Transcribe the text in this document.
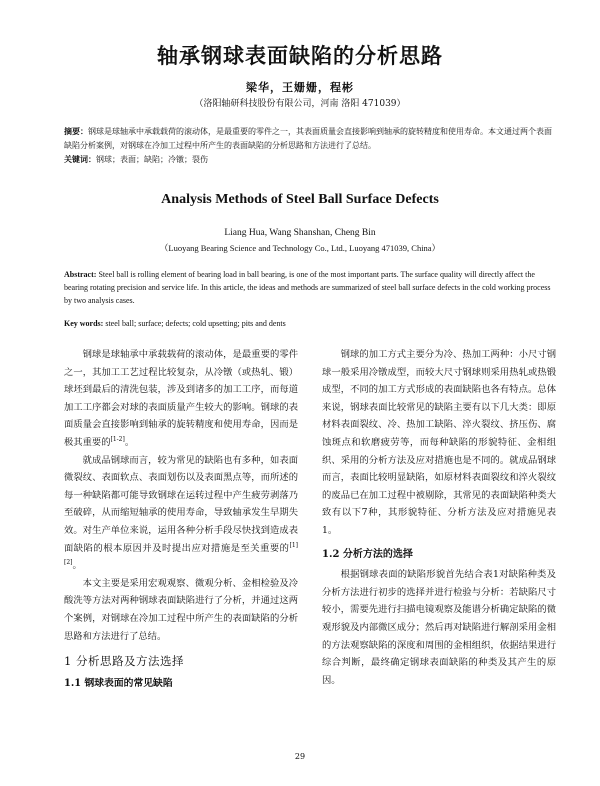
轴承钢球表面缺陷的分析思路
梁华，王姗姗，程彬
（洛阳轴研科技股份有限公司，河南 洛阳 471039）
摘要：钢球是球轴承中承载载荷的滚动体，是最重要的零件之一，其表面质量会直接影响到轴承的旋转精度和使用寿命。本文通过两个表面缺陷分析案例，对钢球在冷加工过程中所产生的表面缺陷的分析思路和方法进行了总结。
关键词：钢球；表面；缺陷；冷镦；裂伤
Analysis Methods of Steel Ball Surface Defects
Liang Hua, Wang Shanshan, Cheng Bin
（Luoyang Bearing Science and Technology Co., Ltd., Luoyang 471039, China）
Abstract: Steel ball is rolling element of bearing load in ball bearing, is one of the most important parts. The surface quality will directly affect the bearing rotating precision and service life. In this article, the ideas and methods are summarized of steel ball surface defects in the cold working process by two analysis cases.
Key words: steel ball; surface; defects; cold upsetting; pits and dents

钢球是球轴承中承载载荷的滚动体，是最重要的零件之一，其加工工艺过程比较复杂，从冷镦（或热轧、锻）球坯到最后的清洗包装，涉及到诸多的加工工序，而每道加工工序都会对球的表面质量产生较大的影响。钢球的表面质量会直接影响到轴承的旋转精度和使用寿命，因而是极其重要的[1-2]。

就成品钢球而言，较为常见的缺陷也有多种，如表面微裂纹、表面软点、表面划伤以及表面黑点等，而所述的每一种缺陷都可能导致钢球在运转过程中产生疲劳剥落乃至破碎，从而缩短轴承的使用寿命，导致轴承发生早期失效。对生产单位来说，运用各种分析手段尽快找到造成表面缺陷的根本原因并及时提出应对措施是至关重要的[1][2]。

本文主要是采用宏观观察、微观分析、金相检验及冷酸洗等方法对两种钢球表面缺陷进行了分析，并通过这两个案例，对钢球在冷加工过程中所产生的表面缺陷的分析思路和方法进行了总结。

1 分析思路及方法选择
1.1 钢球表面的常见缺陷

钢球的加工方式主要分为冷、热加工两种：小尺寸钢球一般采用冷镦成型，而较大尺寸钢球则采用热轧或热锻成型，不同的加工方式形成的表面缺陷也各有特点。总体来说，钢球表面比较常见的缺陷主要有以下几大类：即原材料表面裂纹、冷、热加工缺陷、淬火裂纹、挤压伤、腐蚀斑点和软磨疲劳等，而每种缺陷的形貌特征、金相组织、采用的分析方法及应对措施也是不同的。就成品钢球而言，表面比较明显缺陷，如原材料表面裂纹和淬火裂纹的废品已在加工过程中被剔除，其常见的表面缺陷种类大致有以下7种，其形貌特征、分析方法及应对措施见表1。

1.2 分析方法的选择

根据钢球表面的缺陷形貌首先结合表1对缺陷种类及分析方法进行初步的选择并进行检验与分析：若缺陷尺寸较小，需要先进行扫描电镜观察及能谱分析确定缺陷的微观形貌及内部微区成分；然后再对缺陷进行解剖采用金相的方法观察缺陷的深度和周围的金相组织，依据结果进行综合判断，最终确定钢球表面缺陷的种类及其产生的原因。

29
